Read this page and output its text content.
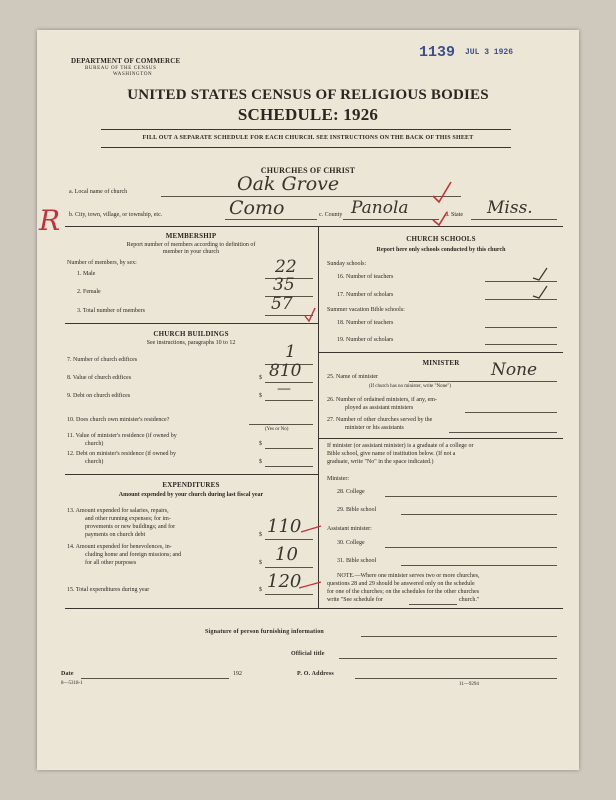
DEPARTMENT OF COMMERCE
BUREAU OF THE CENSUS
WASHINGTON
1139 JUL 3 1926
UNITED STATES CENSUS OF RELIGIOUS BODIES
SCHEDULE: 1926
FILL OUT A SEPARATE SCHEDULE FOR EACH CHURCH. SEE INSTRUCTIONS ON THE BACK OF THIS SHEET
CHURCHES OF CHRIST
a. Local name of church	Oak Grove
R b. City, town, village, or township, etc.	Como	c. County Panola	d. State Miss.
MEMBERSHIP
Report number of members according to definition of
member in your church
Number of members, by sex:
1. Male	22
2. Female	35
3. Total number of members	57
CHURCH BUILDINGS
See instructions, paragraphs 10 to 12
7. Number of church edifices	1
8. Value of church edifices	$ 810
9. Debt on church edifices	$ —
10. Does church own minister's residence?
(Yes or No)
11. Value of minister's residence (if owned by
church)	$
12. Debt on minister's residence (if owned by
church)	$
EXPENDITURES
Amount expended by your church during last fiscal year
13. Amount expended for salaries, repairs,
and other running expenses; for im-
provements or new buildings; and for
payments on church debt	$ 110
14. Amount expended for benevolences, in-
cluding home and foreign missions; and
for all other purposes	$ 10
15. Total expenditures during year	$ 120
CHURCH SCHOOLS
Report here only schools conducted by this church
Sunday schools:
16. Number of teachers
17. Number of scholars
Summer vacation Bible schools:
18. Number of teachers
19. Number of scholars
MINISTER
25. Name of minister
(If church has no minister, write "None")
None
26. Number of ordained ministers, if any, em-
ployed as assistant ministers
27. Number of other churches served by the
minister or his assistants
If minister (or assistant minister) is a graduate of a college or
Bible school, give name of institution below. (If not a
graduate, write "No" in the space indicated.)
Minister:
28. College
29. Bible school
Assistant minister:
30. College
31. Bible school
NOTE.—Where one minister serves two or more churches,
questions 28 and 29 should be answered only on the schedule
for one of the churches; on the schedules for the other churches
write "See schedule for	church."
Signature of person furnishing information
Official title
Date	192	P. O. Address
8—5318-1	11—9294
